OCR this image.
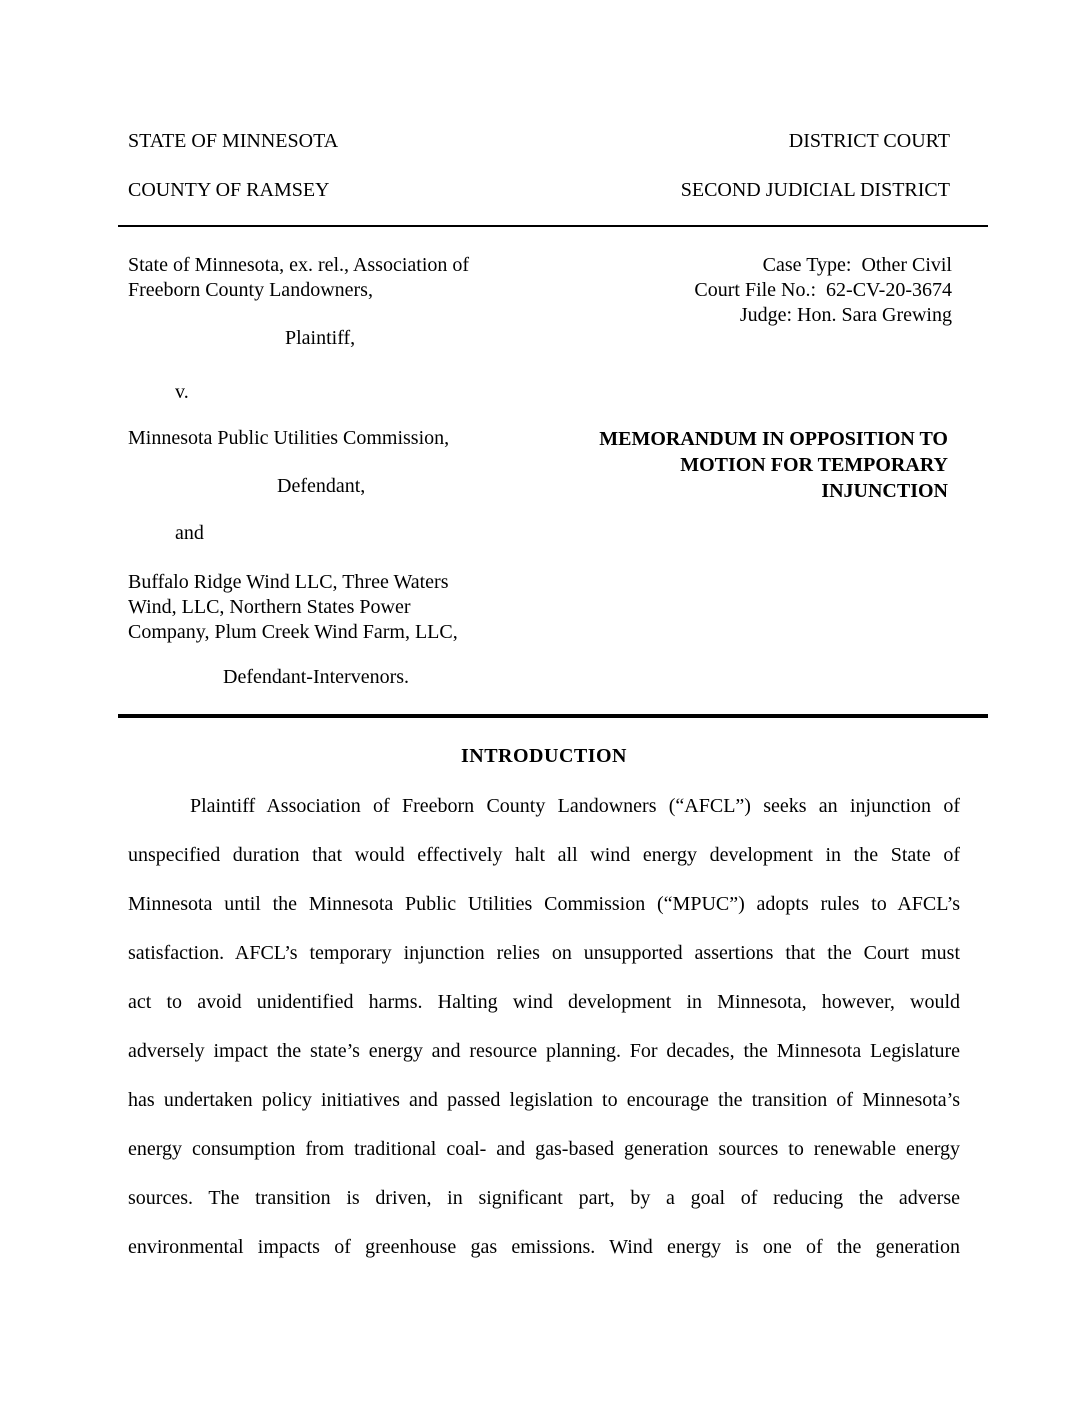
STATE OF MINNESOTA	DISTRICT COURT
COUNTY OF RAMSEY	SECOND JUDICIAL DISTRICT
State of Minnesota, ex. rel., Association of
Freeborn County Landowners,
Plaintiff,
v.
Minnesota Public Utilities Commission,
Defendant,
and
Buffalo Ridge Wind LLC, Three Waters
Wind, LLC, Northern States Power
Company, Plum Creek Wind Farm, LLC,
Defendant-Intervenors.
Case Type:  Other Civil
Court File No.:  62-CV-20-3674
Judge: Hon. Sara Grewing
MEMORANDUM IN OPPOSITION TO
MOTION FOR TEMPORARY
INJUNCTION
INTRODUCTION
Plaintiff Association of Freeborn County Landowners (“AFCL”) seeks an injunction of
unspecified duration that would effectively halt all wind energy development in the State of
Minnesota until the Minnesota Public Utilities Commission (“MPUC”) adopts rules to AFCL’s
satisfaction. AFCL’s temporary injunction relies on unsupported assertions that the Court must
act to avoid unidentified harms. Halting wind development in Minnesota, however, would
adversely impact the state’s energy and resource planning. For decades, the Minnesota Legislature
has undertaken policy initiatives and passed legislation to encourage the transition of Minnesota’s
energy consumption from traditional coal- and gas-based generation sources to renewable energy
sources. The transition is driven, in significant part, by a goal of reducing the adverse
environmental impacts of greenhouse gas emissions. Wind energy is one of the generation
